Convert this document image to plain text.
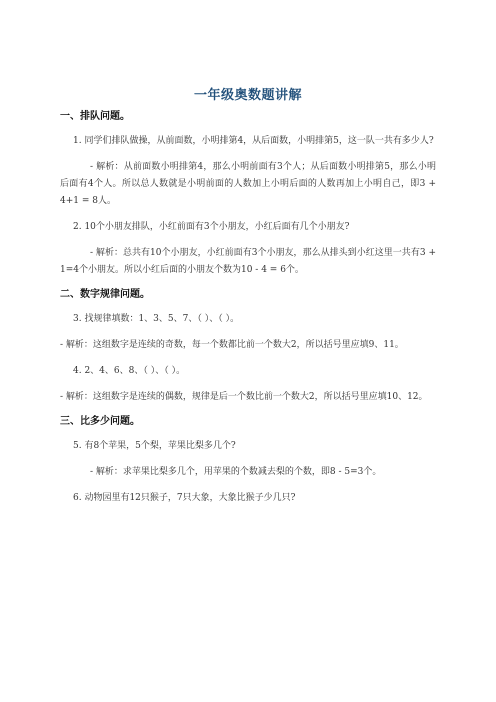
一年级奥数题讲解

一、排队问题。

1. 同学们排队做操，从前面数，小明排第4，从后面数，小明排第5，这一队一共有多少人?

- 解析：从前面数小明排第4，那么小明前面有3个人；从后面数小明排第5，那么小明后面有4个人。所以总人数就是小明前面的人数加上小明后面的人数再加上小明自己，即3 + 4+1 = 8人。

2. 10个小朋友排队，小红前面有3个小朋友，小红后面有几个小朋友?

- 解析：总共有10个小朋友，小红前面有3个小朋友，那么从排头到小红这里一共有3 + 1=4个小朋友。所以小红后面的小朋友个数为10 - 4 = 6个。

二、数字规律问题。

3. 找规律填数：1、3、5、7、（ ）、（ ）。

- 解析：这组数字是连续的奇数，每一个数都比前一个数大2，所以括号里应填9、11。

4. 2、4、6、8、（ ）、（ ）。

- 解析：这组数字是连续的偶数，规律是后一个数比前一个数大2，所以括号里应填10、12。

三、比多少问题。

5. 有8个苹果，5个梨，苹果比梨多几个?

- 解析：求苹果比梨多几个，用苹果的个数减去梨的个数，即8 - 5=3个。

6. 动物园里有12只猴子，7只大象，大象比猴子少几只?
